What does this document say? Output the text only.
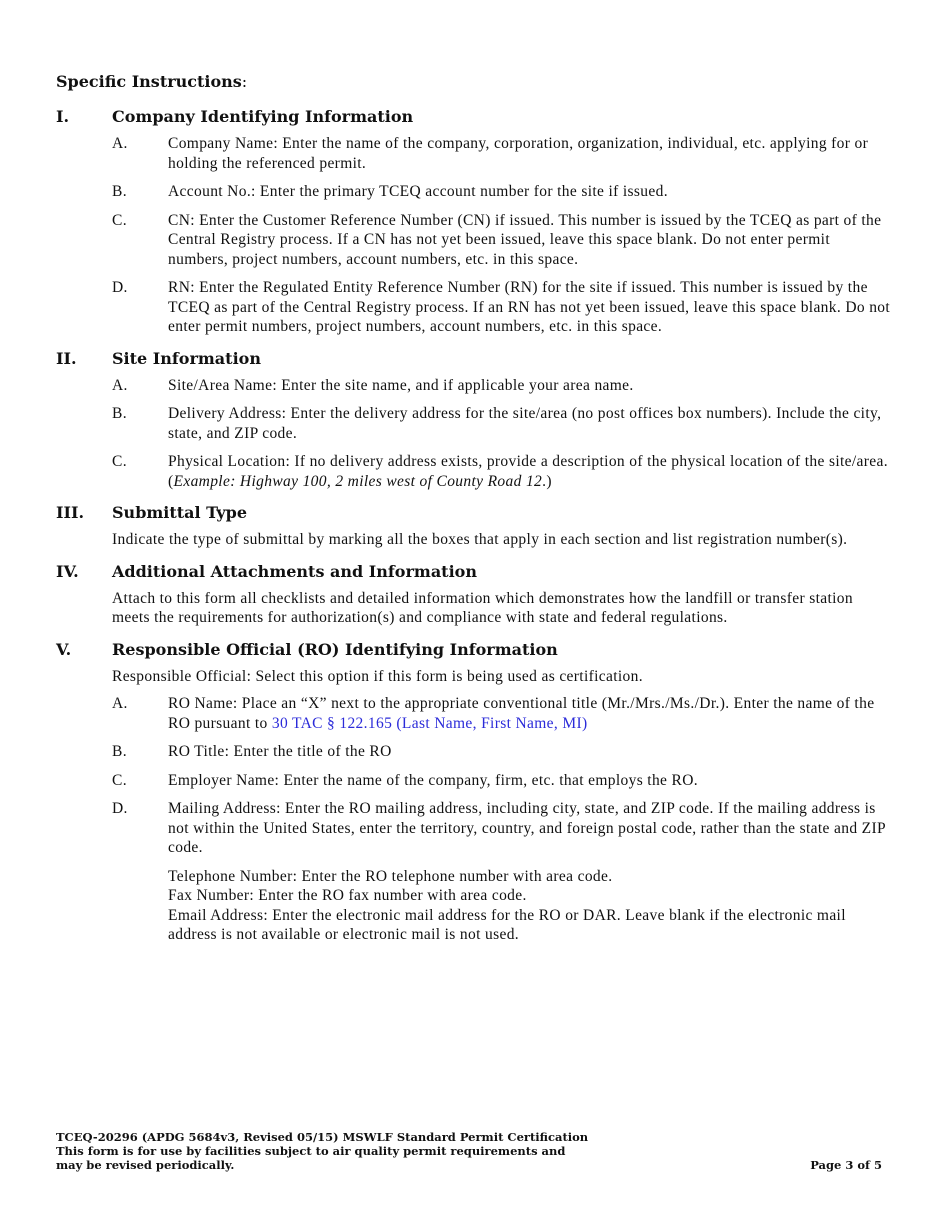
Specific Instructions:
I.	Company Identifying Information
A.	Company Name: Enter the name of the company, corporation, organization, individual, etc. applying for or holding the referenced permit.
B.	Account No.: Enter the primary TCEQ account number for the site if issued.
C.	CN: Enter the Customer Reference Number (CN) if issued. This number is issued by the TCEQ as part of the Central Registry process. If a CN has not yet been issued, leave this space blank. Do not enter permit numbers, project numbers, account numbers, etc. in this space.
D.	RN: Enter the Regulated Entity Reference Number (RN) for the site if issued. This number is issued by the TCEQ as part of the Central Registry process. If an RN has not yet been issued, leave this space blank. Do not enter permit numbers, project numbers, account numbers, etc. in this space.
II.	Site Information
A.	Site/Area Name: Enter the site name, and if applicable your area name.
B.	Delivery Address: Enter the delivery address for the site/area (no post offices box numbers). Include the city, state, and ZIP code.
C.	Physical Location: If no delivery address exists, provide a description of the physical location of the site/area. (Example: Highway 100, 2 miles west of County Road 12.)
III.	Submittal Type
Indicate the type of submittal by marking all the boxes that apply in each section and list registration number(s).
IV.	Additional Attachments and Information
Attach to this form all checklists and detailed information which demonstrates how the landfill or transfer station meets the requirements for authorization(s) and compliance with state and federal regulations.
V.	Responsible Official (RO) Identifying Information
Responsible Official: Select this option if this form is being used as certification.
A.	RO Name: Place an “X” next to the appropriate conventional title (Mr./Mrs./Ms./Dr.). Enter the name of the RO pursuant to 30 TAC § 122.165 (Last Name, First Name, MI)
B.	RO Title: Enter the title of the RO
C.	Employer Name: Enter the name of the company, firm, etc. that employs the RO.
D.	Mailing Address: Enter the RO mailing address, including city, state, and ZIP code. If the mailing address is not within the United States, enter the territory, country, and foreign postal code, rather than the state and ZIP code.
Telephone Number: Enter the RO telephone number with area code.
Fax Number: Enter the RO fax number with area code.
Email Address: Enter the electronic mail address for the RO or DAR. Leave blank if the electronic mail address is not available or electronic mail is not used.
TCEQ-20296 (APDG 5684v3, Revised 05/15) MSWLF Standard Permit Certification
This form is for use by facilities subject to air quality permit requirements and
may be revised periodically.	Page 3 of 5
